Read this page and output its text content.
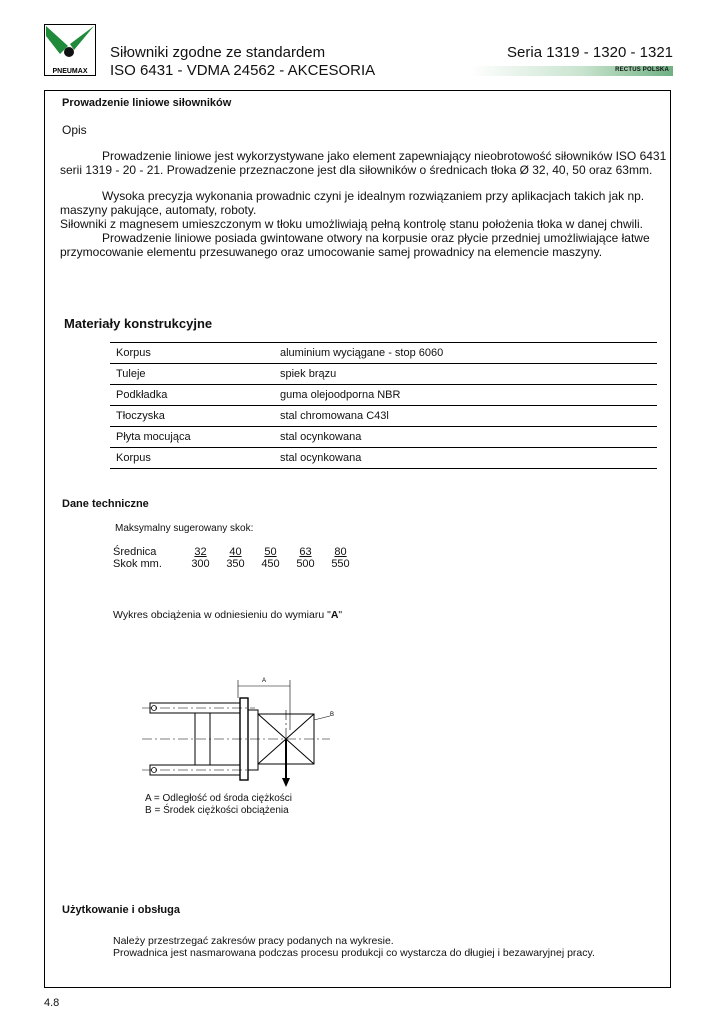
PNEUMAX
Siłowniki zgodne ze standardem
ISO 6431 - VDMA 24562 - AKCESORIA
Seria 1319 - 1320 - 1321
RECTUS POLSKA
Prowadzenie liniowe siłowników
Opis
Prowadzenie liniowe jest wykorzystywane jako element zapewniający nieobrotowość siłowników ISO 6431 serii 1319 - 20 - 21. Prowadzenie przeznaczone jest dla siłowników o średnicach tłoka Ø 32, 40, 50 oraz 63mm.
Wysoka precyzja wykonania prowadnic czyni je idealnym rozwiązaniem przy aplikacjach takich jak np. maszyny pakujące, automaty, roboty.
Siłowniki z magnesem umieszczonym w tłoku umożliwiają pełną kontrolę stanu położenia tłoka w danej chwili.
Prowadzenie liniowe posiada gwintowane otwory na korpusie oraz płycie przedniej umożliwiające łatwe przymocowanie elementu przesuwanego oraz umocowanie samej prowadnicy na elemencie maszyny.
Materiały konstrukcyjne
Korpus	aluminium wyciągane - stop 6060
Tuleje	spiek brązu
Podkładka	guma olejoodporna NBR
Tłoczyska	stal chromowana C43l
Płyta mocująca	stal ocynkowana
Korpus	stal ocynkowana
Dane techniczne
Maksymalny sugerowany skok:
Średnica	32	40	50	63	80
Skok mm.	300	350	450	500	550
Wykres obciążenia w odniesieniu do wymiaru "A"
A
B
A = Odległość od środa ciężkości
B = Środek ciężkości obciążenia
Użytkowanie i obsługa
Należy przestrzegać zakresów pracy podanych na wykresie.
Prowadnica jest nasmarowana podczas procesu produkcji co wystarcza do długiej i bezawaryjnej pracy.
4.8
